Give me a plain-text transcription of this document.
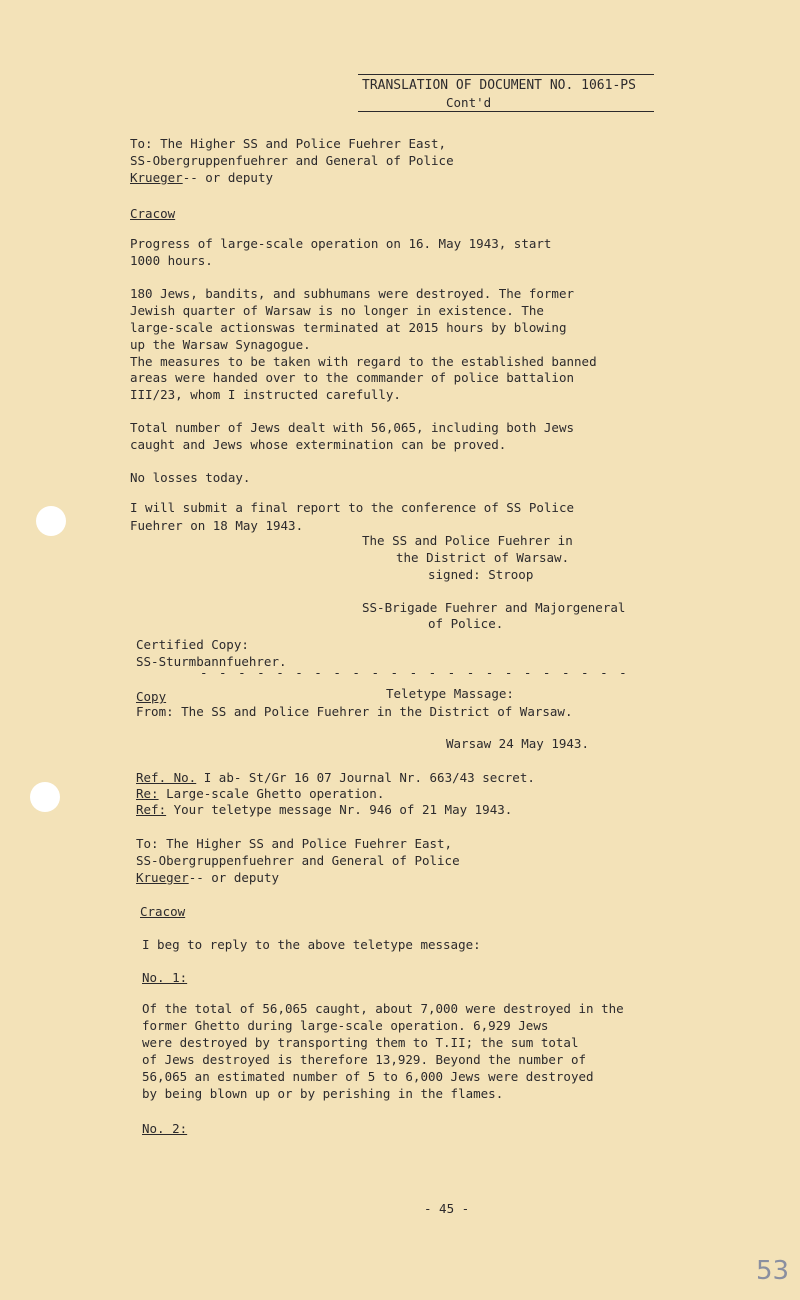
TRANSLATION OF DOCUMENT NO. 1061-PS
Cont'd
To: The Higher SS and Police Fuehrer East,
SS-Obergruppenfuehrer and General of Police
Krueger-- or deputy
Cracow
Progress of large-scale operation on 16. May 1943, start
1000 hours.
180 Jews, bandits, and subhumans were destroyed. The former
Jewish quarter of Warsaw is no longer in existence. The
large-scale actionswas terminated at 2015 hours by blowing
up the Warsaw Synagogue.
The measures to be taken with regard to the established banned
areas were handed over to the commander of police battalion
III/23, whom I instructed carefully.
Total number of Jews dealt with 56,065, including both Jews
caught and Jews whose extermination can be proved.
No losses today.
I will submit a final report to the conference of SS Police
Fuehrer on 18 May 1943.
The SS and Police Fuehrer in
the District of Warsaw.
signed: Stroop
SS-Brigade Fuehrer and Majorgeneral
of Police.
Certified Copy:
SS-Sturmbannfuehrer.
- - - - - - - - - - - - - - - - - - - - - - -
Copy	Teletype Massage:
From: The SS and Police Fuehrer in the District of Warsaw.
Warsaw 24 May 1943.
Ref. No. I ab- St/Gr 16 07 Journal Nr. 663/43 secret.
Re: Large-scale Ghetto operation.
Ref: Your teletype message Nr. 946 of 21 May 1943.
To: The Higher SS and Police Fuehrer East,
SS-Obergruppenfuehrer and General of Police
Krueger-- or deputy
Cracow
I beg to reply to the above teletype message:
No. 1:
Of the total of 56,065 caught, about 7,000 were destroyed in the
former Ghetto during large-scale operation. 6,929 Jews
were destroyed by transporting them to T.II; the sum total
of Jews destroyed is therefore 13,929. Beyond the number of
56,065 an estimated number of 5 to 6,000 Jews were destroyed
by being blown up or by perishing in the flames.
No. 2:
- 45 -
53
